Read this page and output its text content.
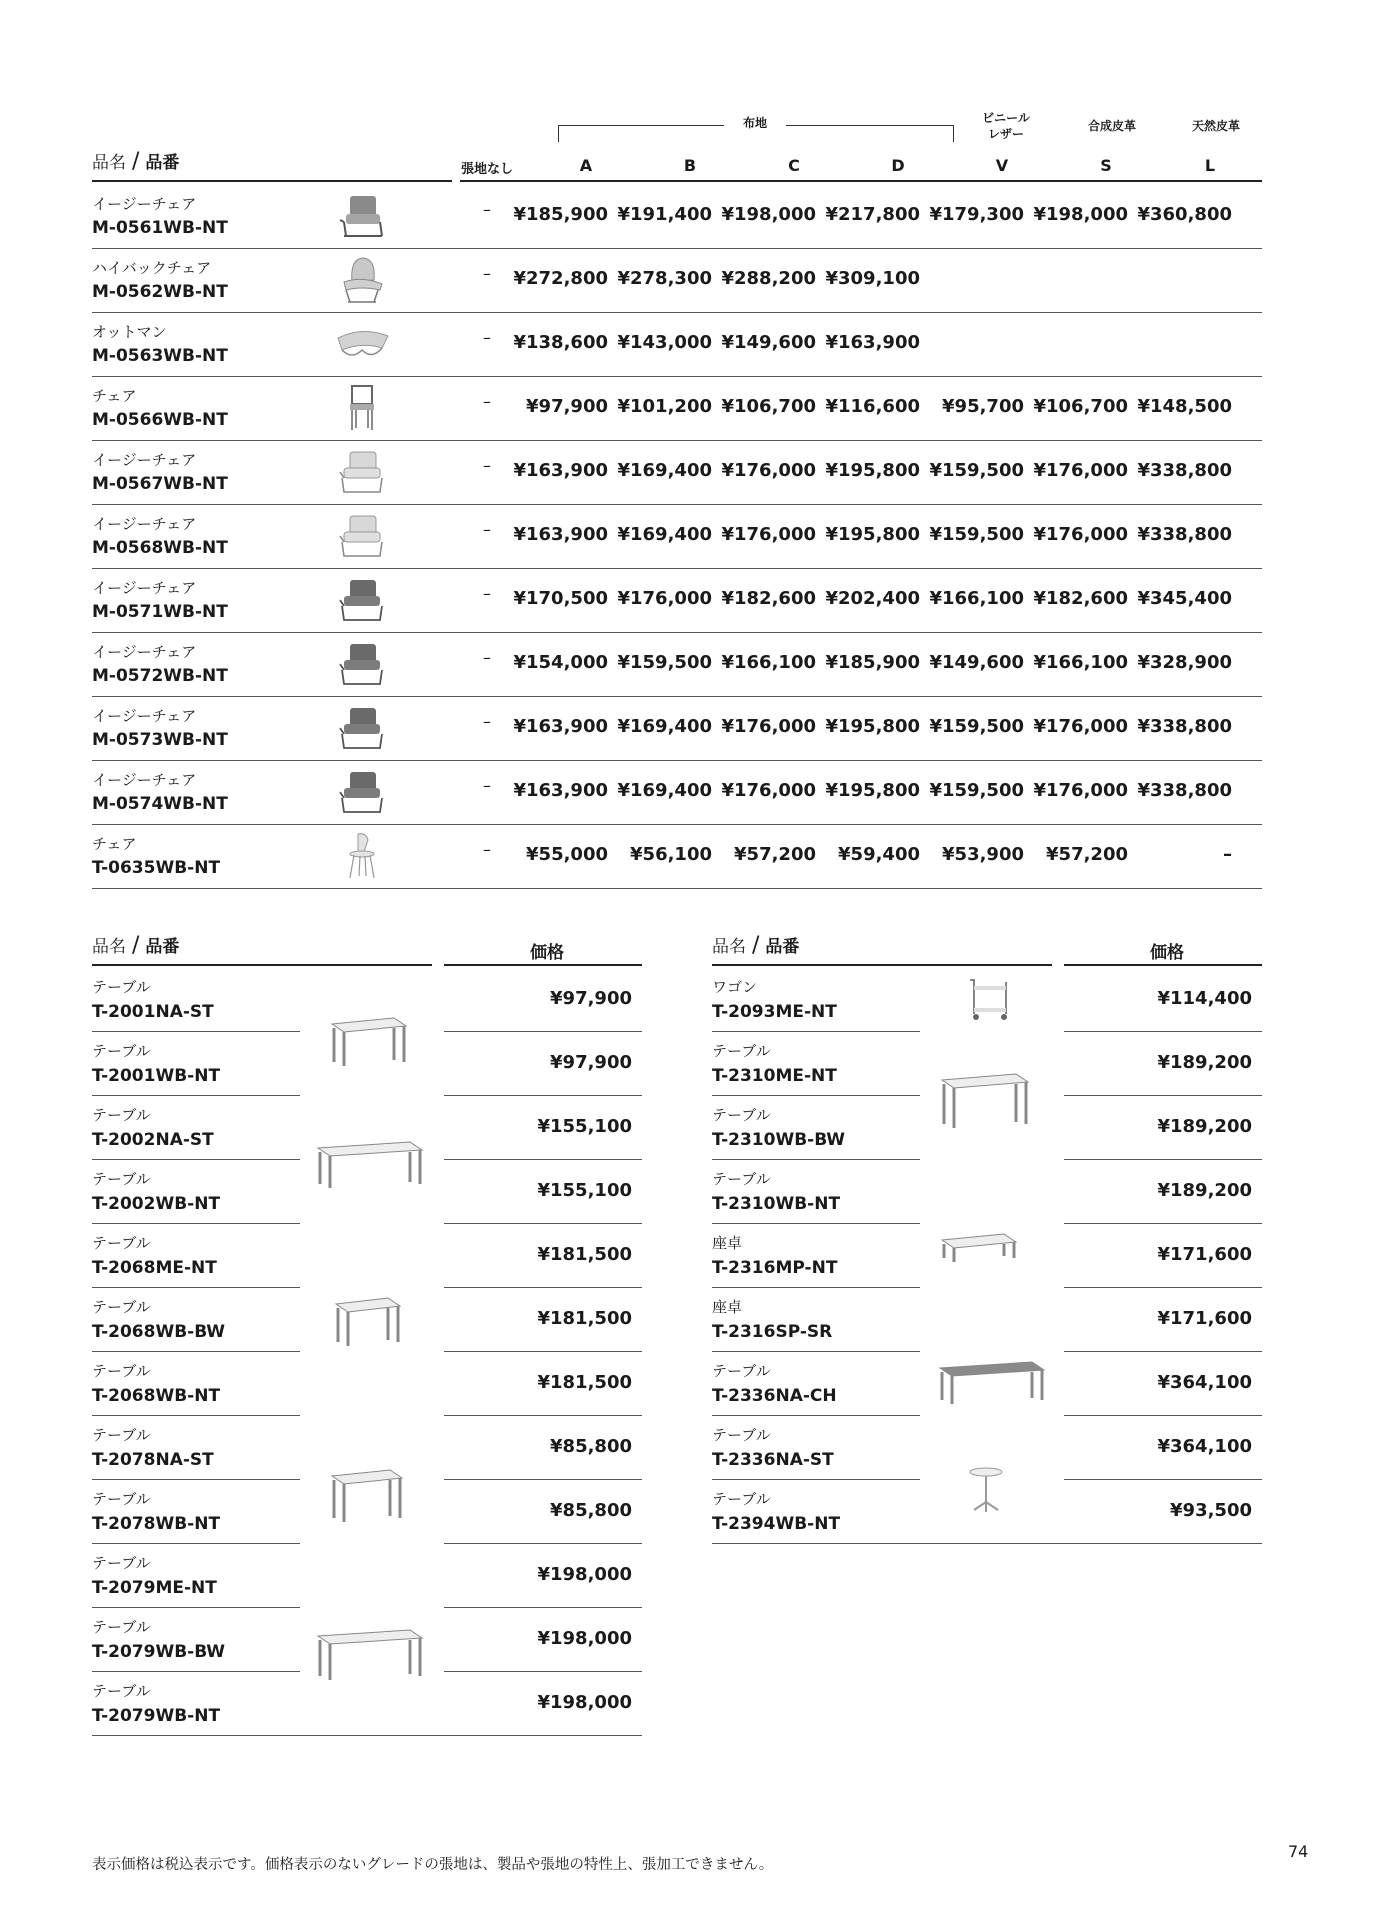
品名 / 品番
布地	ビニール
レザー
合成皮革	天然皮革
張地なし	A	B	C	D	V	S	L
イージーチェア
M-0561WB-NT
–	¥185,900 ¥191,400 ¥198,000 ¥217,800 ¥179,300 ¥198,000 ¥360,800
ハイバックチェア
M-0562WB-NT
–	¥272,800 ¥278,300 ¥288,200 ¥309,100
オットマン
M-0563WB-NT
–	¥138,600 ¥143,000 ¥149,600 ¥163,900
チェア
M-0566WB-NT
–	¥97,900 ¥101,200 ¥106,700 ¥116,600	¥95,700 ¥106,700 ¥148,500
イージーチェア
M-0567WB-NT
–	¥163,900 ¥169,400 ¥176,000 ¥195,800 ¥159,500 ¥176,000 ¥338,800
イージーチェア
M-0568WB-NT
–	¥163,900 ¥169,400 ¥176,000 ¥195,800 ¥159,500 ¥176,000 ¥338,800
イージーチェア
M-0571WB-NT
–	¥170,500 ¥176,000 ¥182,600 ¥202,400 ¥166,100 ¥182,600 ¥345,400
イージーチェア
M-0572WB-NT
–	¥154,000 ¥159,500 ¥166,100 ¥185,900 ¥149,600 ¥166,100 ¥328,900
イージーチェア
M-0573WB-NT
–	¥163,900 ¥169,400 ¥176,000 ¥195,800 ¥159,500 ¥176,000 ¥338,800
イージーチェア
M-0574WB-NT
–	¥163,900 ¥169,400 ¥176,000 ¥195,800 ¥159,500 ¥176,000 ¥338,800
チェア
T-0635WB-NT
–	¥55,000	¥56,100	¥57,200	¥59,400	¥53,900	¥57,200	–
品名 / 品番	価格
テーブル
T-2001NA-ST
¥97,900
テーブル
T-2001WB-NT
¥97,900
テーブル
T-2002NA-ST
¥155,100
テーブル
T-2002WB-NT
¥155,100
テーブル
T-2068ME-NT
¥181,500
テーブル
T-2068WB-BW
¥181,500
テーブル
T-2068WB-NT
¥181,500
テーブル
T-2078NA-ST
¥85,800
テーブル
T-2078WB-NT
¥85,800
テーブル
T-2079ME-NT
¥198,000
テーブル
T-2079WB-BW
¥198,000
テーブル
T-2079WB-NT
¥198,000
品名 / 品番	価格
ワゴン
T-2093ME-NT
¥114,400
テーブル
T-2310ME-NT
¥189,200
テーブル
T-2310WB-BW
¥189,200
テーブル
T-2310WB-NT
¥189,200
座卓
T-2316MP-NT
¥171,600
座卓
T-2316SP-SR
¥171,600
テーブル
T-2336NA-CH
¥364,100
テーブル
T-2336NA-ST
¥364,100
テーブル
T-2394WB-NT
¥93,500
表示価格は税込表示です。価格表示のないグレードの張地は、製品や張地の特性上、張加工できません。
74
